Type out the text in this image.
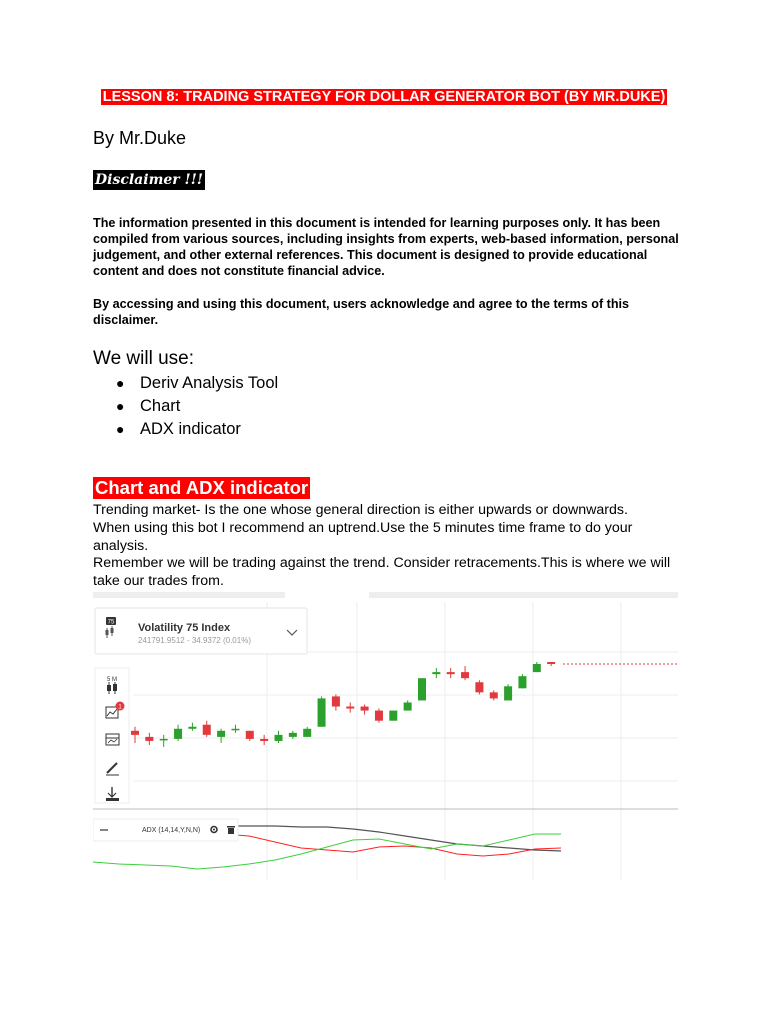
LESSON 8: TRADING STRATEGY FOR DOLLAR GENERATOR BOT (BY MR.DUKE)
By Mr.Duke
Disclaimer !!!
The information presented in this document is intended for learning purposes only. It has been compiled from various sources, including insights from experts, web-based information, personal judgement, and other external references. This document is designed to provide educational content and does not constitute financial advice.
By accessing and using this document, users acknowledge and agree to the terms of this disclaimer.
We will use:
● Deriv Analysis Tool
● Chart
● ADX indicator
Chart and ADX indicator

Trending market- Is the one whose general direction is either upwards or downwards.

When using this bot I recommend an uptrend.Use the 5 minutes time frame to do your analysis.

Remember we will be trading against the trend. Consider retracements.This is where we will take our trades from.

75 Volatility 75 Index
241791.9512 - 34.9372 (0.01%)
5 M
1
ADX (14,14,Y,N,N)
